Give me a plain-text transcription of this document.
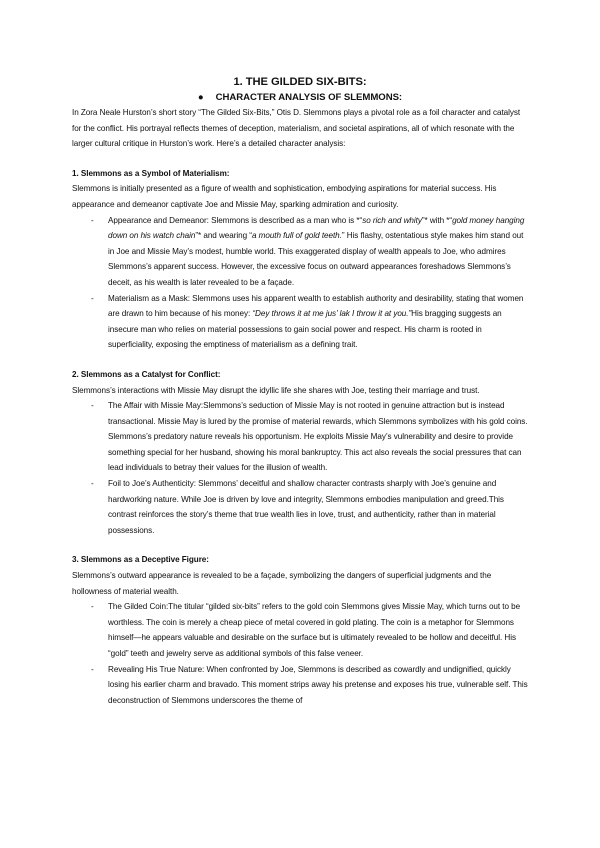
1. THE GILDED SIX-BITS:
● CHARACTER ANALYSIS OF SLEMMONS:

In Zora Neale Hurston’s short story “The Gilded Six-Bits,” Otis D. Slemmons plays a pivotal role as a foil character and catalyst for the conflict. His portrayal reflects themes of deception, materialism, and societal aspirations, all of which resonate with the larger cultural critique in Hurston’s work. Here’s a detailed character analysis:

1. Slemmons as a Symbol of Materialism:

Slemmons is initially presented as a figure of wealth and sophistication, embodying aspirations for material success. His appearance and demeanor captivate Joe and Missie May, sparking admiration and curiosity.

- Appearance and Demeanor: Slemmons is described as a man who is *“so rich and whity”* with *“gold money hanging down on his watch chain”* and wearing “a mouth full of gold teeth.” His flashy, ostentatious style makes him stand out in Joe and Missie May’s modest, humble world. This exaggerated display of wealth appeals to Joe, who admires Slemmons’s apparent success. However, the excessive focus on outward appearances foreshadows Slemmons’s deceit, as his wealth is later revealed to be a façade.
- Materialism as a Mask: Slemmons uses his apparent wealth to establish authority and desirability, stating that women are drawn to him because of his money: “Dey throws it at me jus’ lak I throw it at you.”His bragging suggests an insecure man who relies on material possessions to gain social power and respect. His charm is rooted in superficiality, exposing the emptiness of materialism as a defining trait.

2. Slemmons as a Catalyst for Conflict:

Slemmons’s interactions with Missie May disrupt the idyllic life she shares with Joe, testing their marriage and trust.

- The Affair with Missie May:Slemmons’s seduction of Missie May is not rooted in genuine attraction but is instead transactional. Missie May is lured by the promise of material rewards, which Slemmons symbolizes with his gold coins. Slemmons’s predatory nature reveals his opportunism. He exploits Missie May’s vulnerability and desire to provide something special for her husband, showing his moral bankruptcy. This act also reveals the social pressures that can lead individuals to betray their values for the illusion of wealth.
- Foil to Joe’s Authenticity: Slemmons’ deceitful and shallow character contrasts sharply with Joe’s genuine and hardworking nature. While Joe is driven by love and integrity, Slemmons embodies manipulation and greed.This contrast reinforces the story’s theme that true wealth lies in love, trust, and authenticity, rather than in material possessions.

3. Slemmons as a Deceptive Figure:

Slemmons’s outward appearance is revealed to be a façade, symbolizing the dangers of superficial judgments and the hollowness of material wealth.

- The Gilded Coin:The titular “gilded six-bits” refers to the gold coin Slemmons gives Missie May, which turns out to be worthless. The coin is merely a cheap piece of metal covered in gold plating. The coin is a metaphor for Slemmons himself—he appears valuable and desirable on the surface but is ultimately revealed to be hollow and deceitful. His “gold” teeth and jewelry serve as additional symbols of this false veneer.
- Revealing His True Nature: When confronted by Joe, Slemmons is described as cowardly and undignified, quickly losing his earlier charm and bravado. This moment strips away his pretense and exposes his true, vulnerable self. This deconstruction of Slemmons underscores the theme of
